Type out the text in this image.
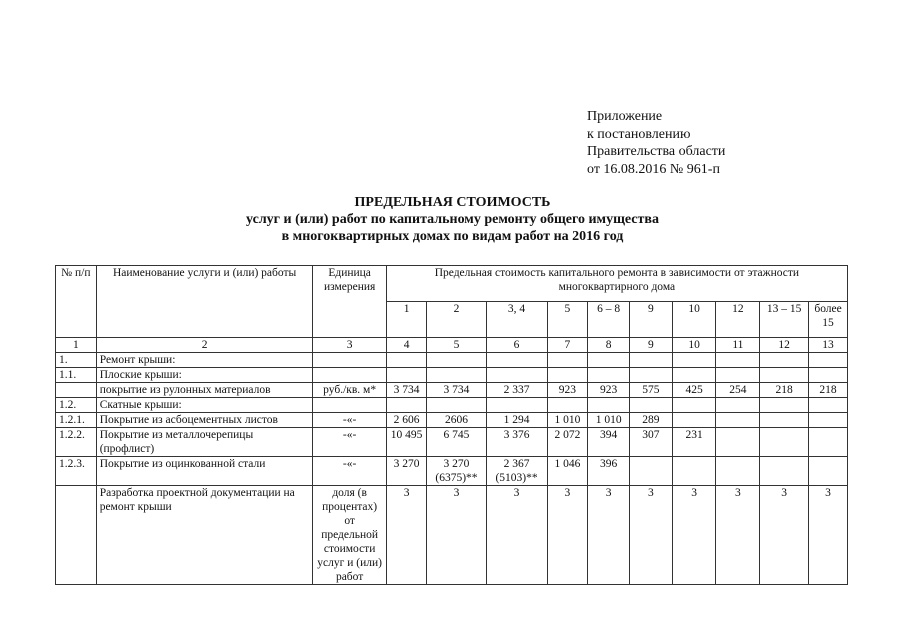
Приложение
к постановлению
Правительства области
от 16.08.2016 № 961-п
ПРЕДЕЛЬНАЯ СТОИМОСТЬ
услуг и (или) работ по капитальному ремонту общего имущества
в многоквартирных домах по видам работ на 2016 год
№ п/п	Наименование услуги и (или) работы	Единица измерения	Предельная стоимость капитального ремонта в зависимости от этажности многоквартирного дома									
			1	2	3, 4	5	6 – 8	9	10	12	13 – 15	более 15
1	2	3	4	5	6	7	8	9	10	11	12	13
1.	Ремонт крыши:											
1.1.	Плоские крыши:											
	покрытие из рулонных материалов	руб./кв. м*	3 734	3 734	2 337	923	923	575	425	254	218	218
1.2.	Скатные крыши:											
1.2.1.	Покрытие из асбоцементных листов	-«-	2 606	2606	1 294	1 010	1 010	289				
1.2.2.	Покрытие из металлочерепицы (профлист)	-«-	10 495	6 745	3 376	2 072	394	307	231			
1.2.3.	Покрытие из оцинкованной стали	-«-	3 270	3 270 (6375)**	2 367 (5103)**	1 046	396					
	Разработка проектной документации на ремонт крыши	доля (в процентах) от предельной стоимости услуг и (или) работ	3	3	3	3	3	3	3	3	3	3
